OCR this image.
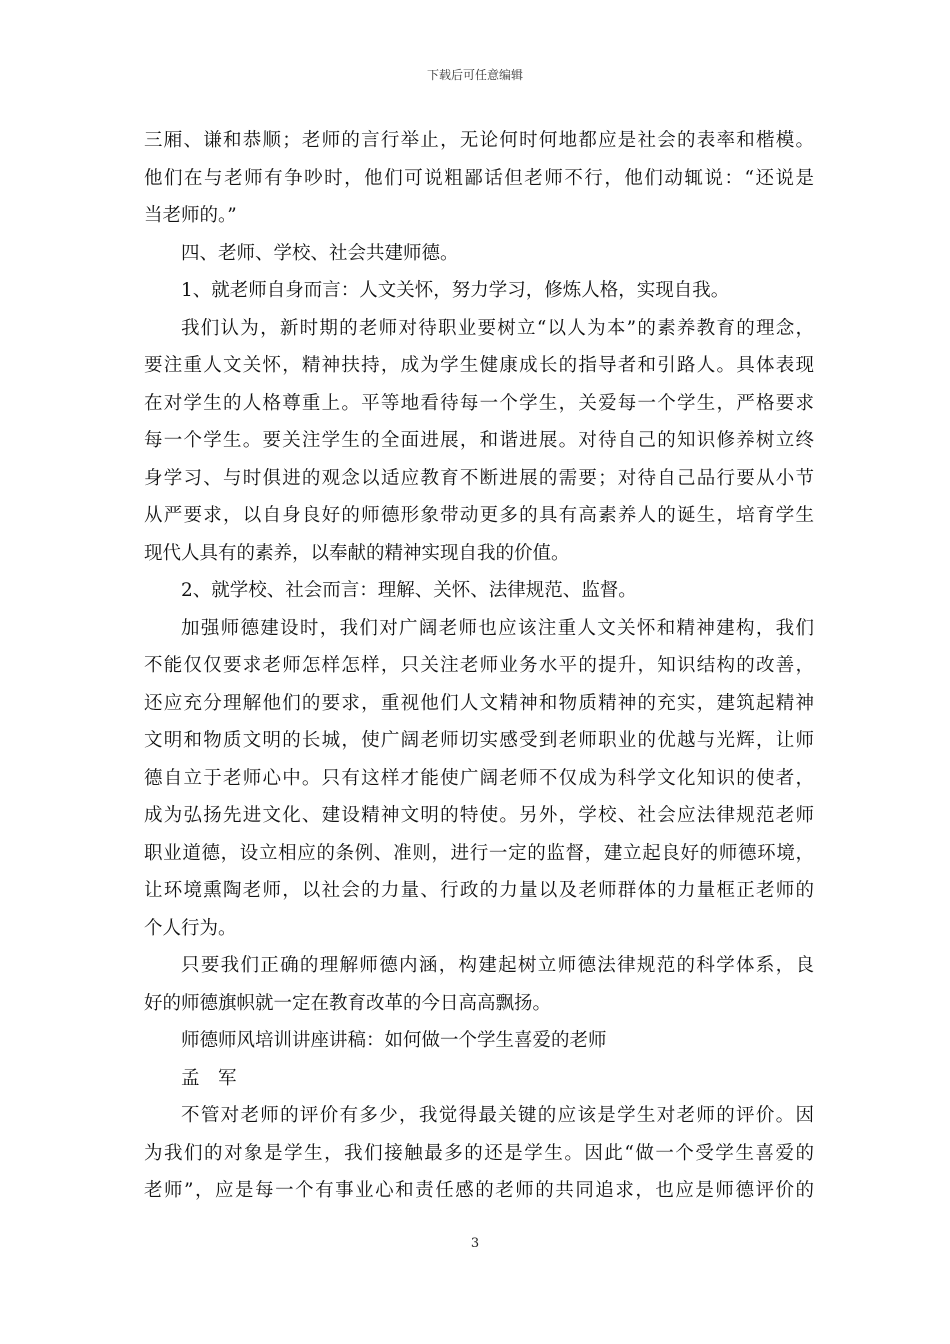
下载后可任意编辑
三厢、谦和恭顺；老师的言行举止，无论何时何地都应是社会的表率和楷模。
他们在与老师有争吵时，他们可说粗鄙话但老师不行，他们动辄说：“还说是
当老师的。”
四、老师、学校、社会共建师德。
1、就老师自身而言：人文关怀，努力学习，修炼人格，实现自我。
我们认为，新时期的老师对待职业要树立“以人为本”的素养教育的理念，
要注重人文关怀，精神扶持，成为学生健康成长的指导者和引路人。具体表现
在对学生的人格尊重上。平等地看待每一个学生，关爱每一个学生，严格要求
每一个学生。要关注学生的全面进展，和谐进展。对待自己的知识修养树立终
身学习、与时俱进的观念以适应教育不断进展的需要；对待自己品行要从小节
从严要求，以自身良好的师德形象带动更多的具有高素养人的诞生，培育学生
现代人具有的素养，以奉献的精神实现自我的价值。
2、就学校、社会而言：理解、关怀、法律规范、监督。
加强师德建设时，我们对广阔老师也应该注重人文关怀和精神建构，我们
不能仅仅要求老师怎样怎样，只关注老师业务水平的提升，知识结构的改善，
还应充分理解他们的要求，重视他们人文精神和物质精神的充实，建筑起精神
文明和物质文明的长城，使广阔老师切实感受到老师职业的优越与光辉，让师
德自立于老师心中。只有这样才能使广阔老师不仅成为科学文化知识的使者，
成为弘扬先进文化、建设精神文明的特使。另外，学校、社会应法律规范老师
职业道德，设立相应的条例、准则，进行一定的监督，建立起良好的师德环境，
让环境熏陶老师，以社会的力量、行政的力量以及老师群体的力量框正老师的
个人行为。
只要我们正确的理解师德内涵，构建起树立师德法律规范的科学体系，良
好的师德旗帜就一定在教育改革的今日高高飘扬。
师德师风培训讲座讲稿：如何做一个学生喜爱的老师
孟　军
不管对老师的评价有多少，我觉得最关键的应该是学生对老师的评价。因
为我们的对象是学生，我们接触最多的还是学生。因此“做一个受学生喜爱的
老师”，应是每一个有事业心和责任感的老师的共同追求，也应是师德评价的
3
